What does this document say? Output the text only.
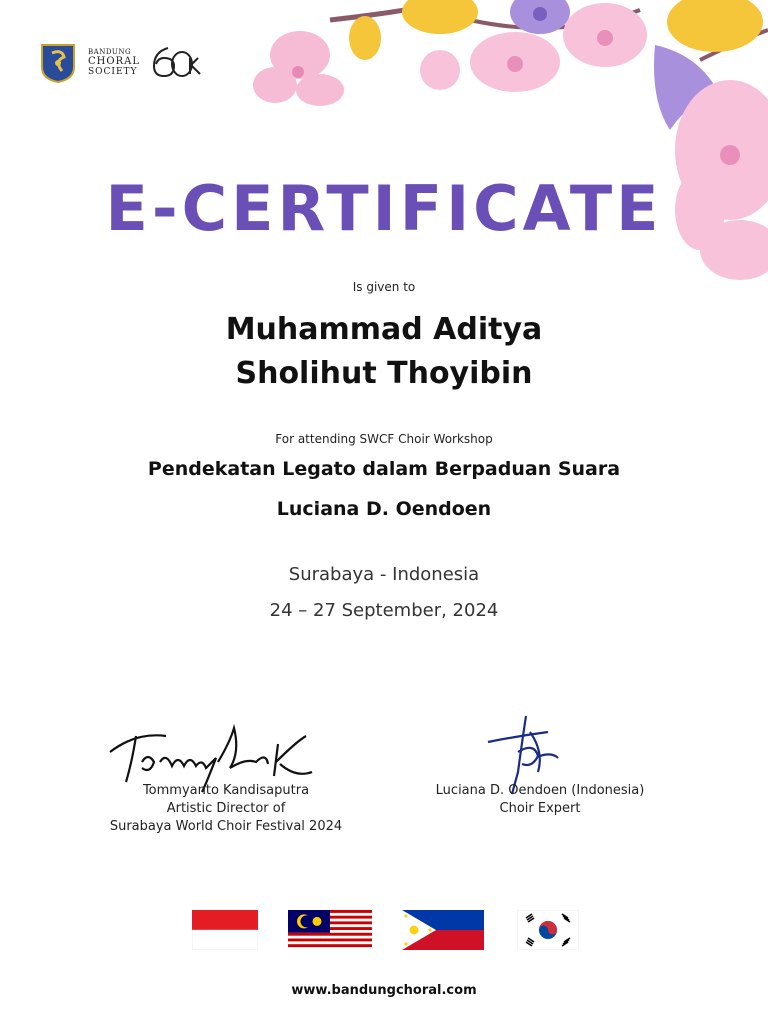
BANDUNG
CHORAL
SOCIETY
E-CERTIFICATE
Is given to
Muhammad Aditya
Sholihut Thoyibin
For attending SWCF Choir Workshop
Pendekatan Legato dalam Berpaduan Suara
Luciana D. Oendoen
Surabaya - Indonesia
24 – 27 September, 2024
Tommyanto Kandisaputra
Artistic Director of
Surabaya World Choir Festival 2024
Luciana D. Oendoen (Indonesia)
Choir Expert
www.bandungchoral.com
